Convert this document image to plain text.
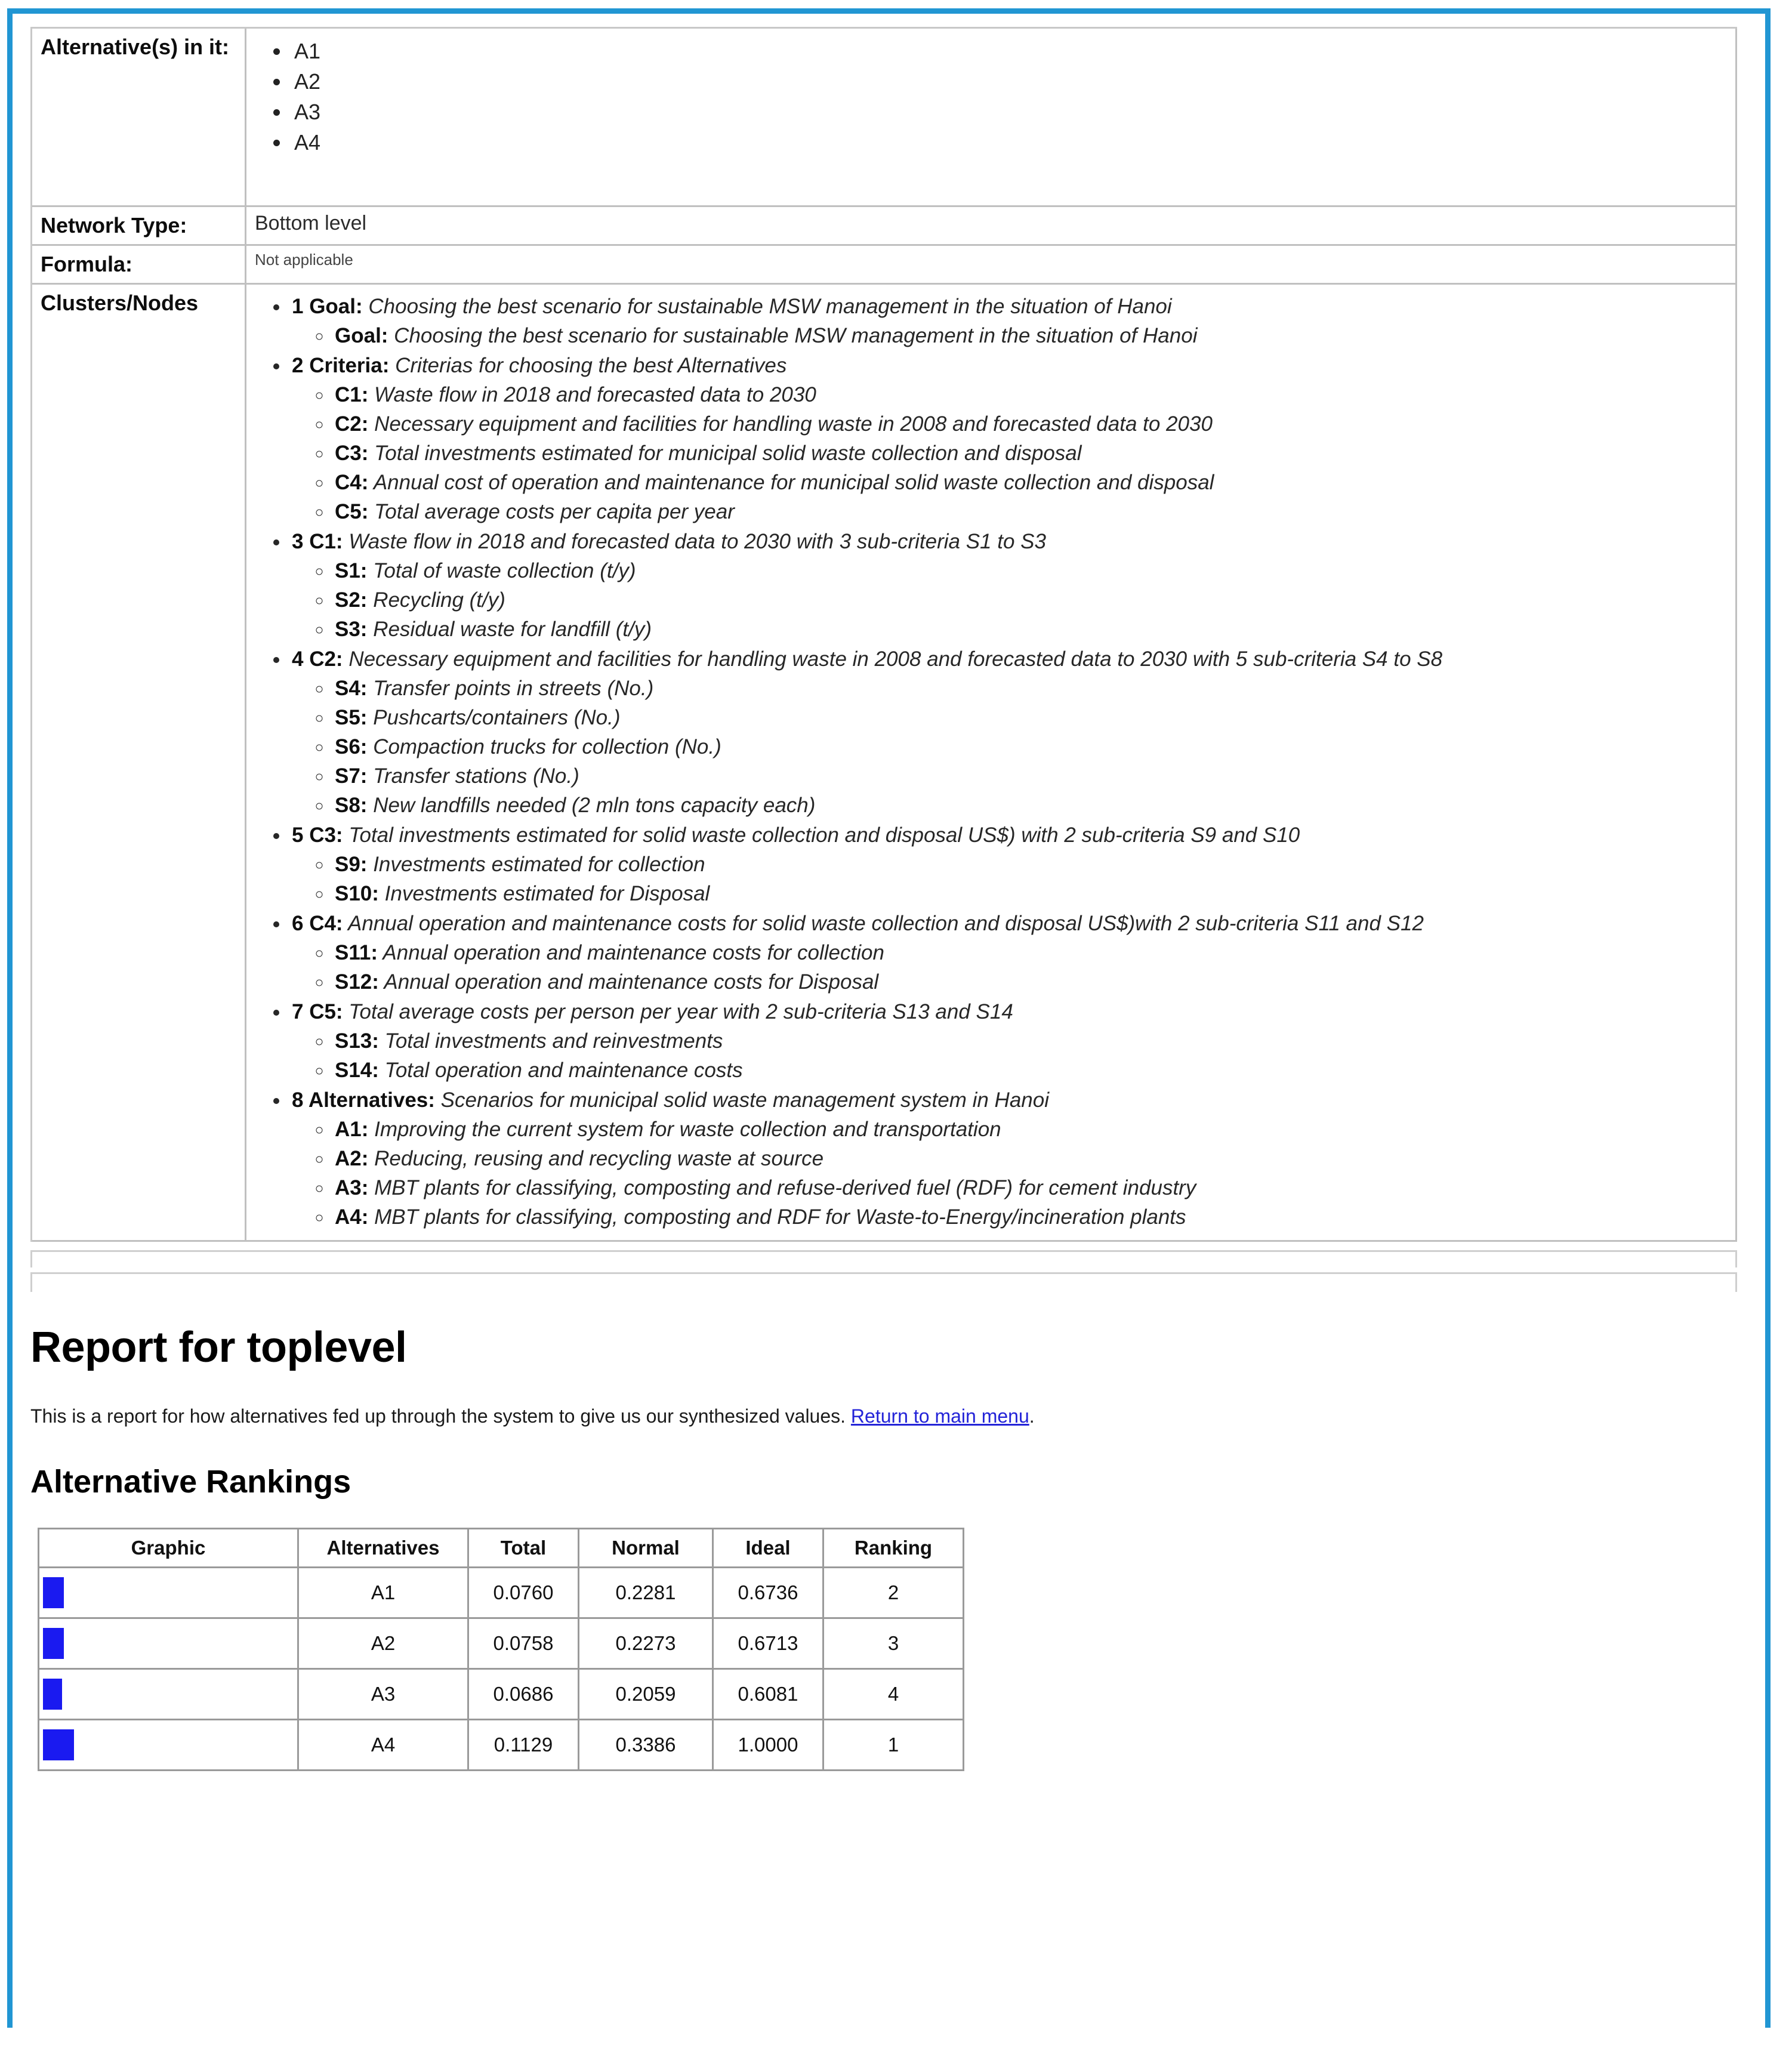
Alternative(s) in it:	
•A1
• A2
• A3
• A4

Network Type:	Bottom level
Formula:	Not applicable
Clusters/Nodes	
•1 Goal: Choosing the best scenario for sustainable MSW management in the situation of Hanoi
◦ Goal: Choosing the best scenario for sustainable MSW management in the situation of Hanoi
• 2 Criteria: Criterias for choosing the best Alternatives
◦ C1: Waste flow in 2018 and forecasted data to 2030
◦ C2: Necessary equipment and facilities for handling waste in 2008 and forecasted data to 2030
◦ C3: Total investments estimated for municipal solid waste collection and disposal
◦ C4: Annual cost of operation and maintenance for municipal solid waste collection and disposal
◦ C5: Total average costs per capita per year
• 3 C1: Waste flow in 2018 and forecasted data to 2030 with 3 sub-criteria S1 to S3
◦ S1: Total of waste collection (t/y)
◦ S2: Recycling (t/y)
◦ S3: Residual waste for landfill (t/y)
• 4 C2: Necessary equipment and facilities for handling waste in 2008 and forecasted data to 2030 with 5 sub-criteria S4 to S8
◦ S4: Transfer points in streets (No.)
◦ S5: Pushcarts/containers (No.)
◦ S6: Compaction trucks for collection (No.)
◦ S7: Transfer stations (No.)
◦ S8: New landfills needed (2 mln tons capacity each)
• 5 C3: Total investments estimated for solid waste collection and disposal US$) with 2 sub-criteria S9 and S10
◦ S9: Investments estimated for collection
◦ S10: Investments estimated for Disposal
• 6 C4: Annual operation and maintenance costs for solid waste collection and disposal US$)with 2 sub-criteria S11 and S12
◦ S11: Annual operation and maintenance costs for collection
◦ S12: Annual operation and maintenance costs for Disposal
• 7 C5: Total average costs per person per year with 2 sub-criteria S13 and S14
◦ S13: Total investments and reinvestments
◦ S14: Total operation and maintenance costs
• 8 Alternatives: Scenarios for municipal solid waste management system in Hanoi
◦ A1: Improving the current system for waste collection and transportation
◦ A2: Reducing, reusing and recycling waste at source
◦ A3: MBT plants for classifying, composting and refuse-derived fuel (RDF) for cement industry
◦ A4: MBT plants for classifying, composting and RDF for Waste-to-Energy/incineration plants
Report for toplevel

This is a report for how alternatives fed up through the system to give us our synthesized values. Return to main menu.

Alternative Rankings
Graphic	Alternatives	Total	Normal	Ideal	Ranking

	A1	0.0760	0.2281	0.6736	2

	A2	0.0758	0.2273	0.6713	3

	A3	0.0686	0.2059	0.6081	4

	A4	0.1129	0.3386	1.0000	1
